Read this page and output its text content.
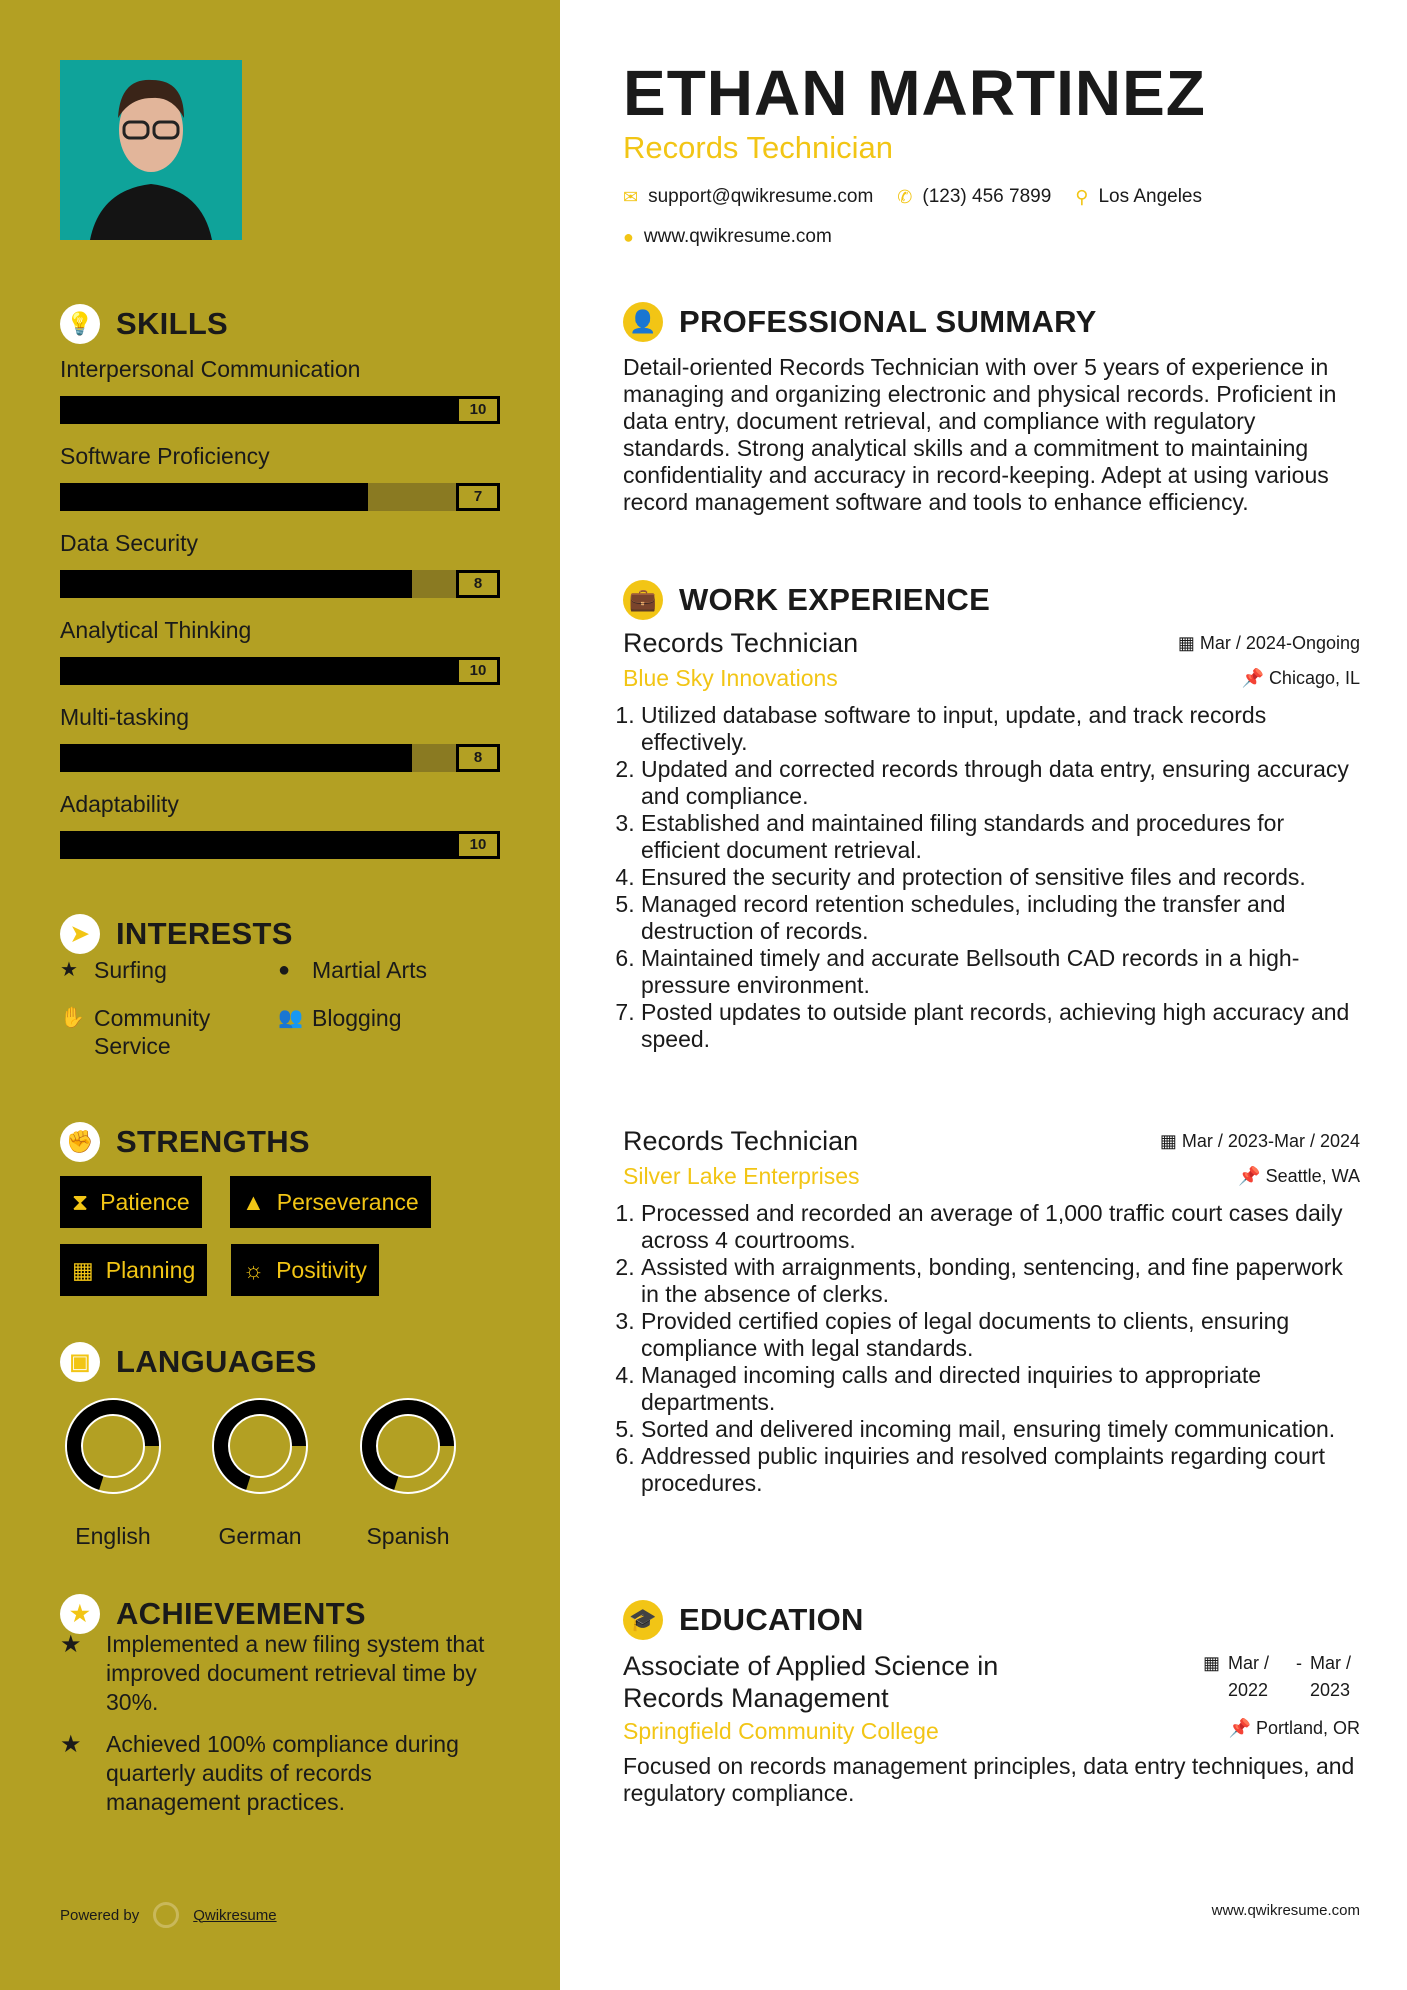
💡 SKILLS
Interpersonal Communication
10
Software Proficiency
7
Data Security
8
Analytical Thinking
10
Multi-tasking
8
Adaptability
10
➤ INTERESTS
★ Surfing	● Martial Arts
✋ Community Service
👥 Blogging
✊ STRENGTHS
⧗ Patience ▲ Perseverance
▦ Planning ☼ Positivity
▣ LANGUAGES
English	German	Spanish
★ ACHIEVEMENTS
★	Implemented a new filing system that improved document retrieval time by 30%.
★	Achieved 100% compliance during quarterly audits of records management practices.
Powered by	Qwikresume
ETHAN MARTINEZ
Records Technician
✉ support@qwikresume.com ✆ (123) 456 7899 ⚲ Los Angeles
● www.qwikresume.com
👤 PROFESSIONAL SUMMARY

Detail-oriented Records Technician with over 5 years of experience in managing and organizing electronic and physical records. Proficient in data entry, document retrieval, and compliance with regulatory standards. Strong analytical skills and a commitment to maintaining confidentiality and accuracy in record-keeping. Adept at using various record management software and tools to enhance efficiency.

💼 WORK EXPERIENCE
Records Technician	▦ Mar / 2024-Ongoing
Blue Sky Innovations	📌 Chicago, IL
1. Utilized database software to input, update, and track records effectively.
2. Updated and corrected records through data entry, ensuring accuracy and compliance.
3. Established and maintained filing standards and procedures for efficient document retrieval.
4. Ensured the security and protection of sensitive files and records.
5. Managed record retention schedules, including the transfer and destruction of records.
6. Maintained timely and accurate Bellsouth CAD records in a high-pressure environment.
7. Posted updates to outside plant records, achieving high accuracy and speed.
Records Technician	▦ Mar / 2023-Mar / 2024
Silver Lake Enterprises	📌 Seattle, WA
1. Processed and recorded an average of 1,000 traffic court cases daily across 4 courtrooms.
2. Assisted with arraignments, bonding, sentencing, and fine paperwork in the absence of clerks.
3. Provided certified copies of legal documents to clients, ensuring compliance with legal standards.
4. Managed incoming calls and directed inquiries to appropriate departments.
5. Sorted and delivered incoming mail, ensuring timely communication.
6. Addressed public inquiries and resolved complaints regarding court procedures.
🎓 EDUCATION
Associate of Applied Science in Records Management
▦ Mar / 2022
- Mar / 2023
Springfield Community College	📌 Portland, OR

Focused on records management principles, data entry techniques, and regulatory compliance.

www.qwikresume.com
